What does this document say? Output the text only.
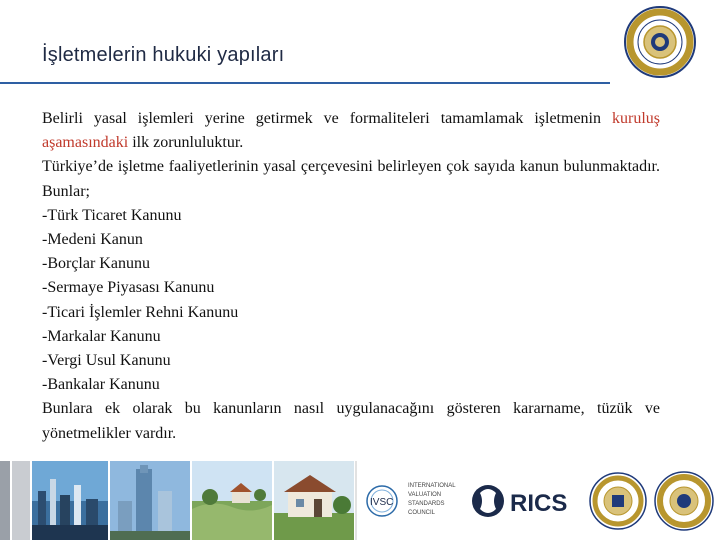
İşletmelerin hukuki yapıları

Belirli yasal işlemleri yerine getirmek ve formaliteleri tamamlamak işletmenin kuruluş aşamasındaki ilk zorunluluktur.

Türkiye’de işletme faaliyetlerinin yasal çerçevesini belirleyen çok sayıda kanun bulunmaktadır. Bunlar;

-Türk Ticaret Kanunu

-Medeni Kanun

-Borçlar Kanunu

-Sermaye Piyasası Kanunu

-Ticari İşlemler Rehni Kanunu

-Markalar Kanunu

-Vergi Usul Kanunu

-Bankalar Kanunu

Bunlara ek olarak bu kanunların nasıl uygulanacağını gösteren kararname, tüzük ve yönetmelikler vardır.

IVSC
INTERNATIONAL
VALUATION
STANDARDS
COUNCIL	RICS
